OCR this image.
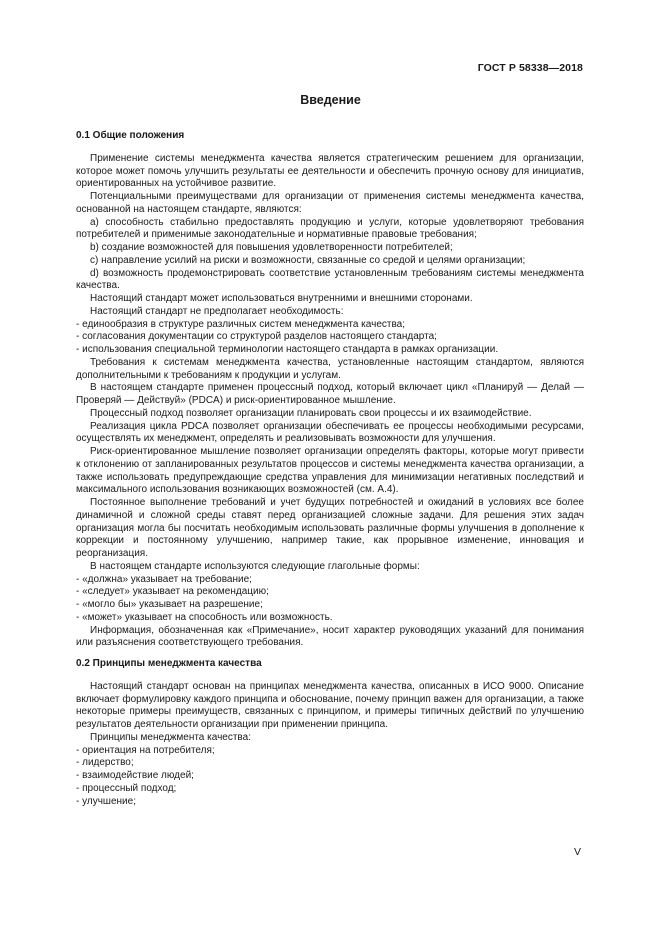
ГОСТ Р 58338—2018
Введение
0.1 Общие положения

Применение системы менеджмента качества является стратегическим решением для организации, которое может помочь улучшить результаты ее деятельности и обеспечить прочную основу для инициатив, ориентированных на устойчивое развитие.

Потенциальными преимуществами для организации от применения системы менеджмента качества, основанной на настоящем стандарте, являются:

a) способность стабильно предоставлять продукцию и услуги, которые удовлетворяют требования потребителей и применимые законодательные и нормативные правовые требования;

b) создание возможностей для повышения удовлетворенности потребителей;

c) направление усилий на риски и возможности, связанные со средой и целями организации;

d) возможность продемонстрировать соответствие установленным требованиям системы менеджмента качества.

Настоящий стандарт может использоваться внутренними и внешними сторонами.

Настоящий стандарт не предполагает необходимость:

- единообразия в структуре различных систем менеджмента качества;

- согласования документации со структурой разделов настоящего стандарта;

- использования специальной терминологии настоящего стандарта в рамках организации.

Требования к системам менеджмента качества, установленные настоящим стандартом, являются дополнительными к требованиям к продукции и услугам.

В настоящем стандарте применен процессный подход, который включает цикл «Планируй — Делай — Проверяй — Действуй» (PDCA) и риск-ориентированное мышление.

Процессный подход позволяет организации планировать свои процессы и их взаимодействие.

Реализация цикла PDCA позволяет организации обеспечивать ее процессы необходимыми ресурсами, осуществлять их менеджмент, определять и реализовывать возможности для улучшения.

Риск-ориентированное мышление позволяет организации определять факторы, которые могут привести к отклонению от запланированных результатов процессов и системы менеджмента качества организации, а также использовать предупреждающие средства управления для минимизации негативных последствий и максимального использования возникающих возможностей (см. А.4).

Постоянное выполнение требований и учет будущих потребностей и ожиданий в условиях все более динамичной и сложной среды ставят перед организацией сложные задачи. Для решения этих задач организация могла бы посчитать необходимым использовать различные формы улучшения в дополнение к коррекции и постоянному улучшению, например такие, как прорывное изменение, инновация и реорганизация.

В настоящем стандарте используются следующие глагольные формы:

- «должна» указывает на требование;

- «следует» указывает на рекомендацию;

- «могло бы» указывает на разрешение;

- «может» указывает на способность или возможность.

Информация, обозначенная как «Примечание», носит характер руководящих указаний для понимания или разъяснения соответствующего требования.

0.2 Принципы менеджмента качества

Настоящий стандарт основан на принципах менеджмента качества, описанных в ИСО 9000. Описание включает формулировку каждого принципа и обоснование, почему принцип важен для организации, а также некоторые примеры преимуществ, связанных с принципом, и примеры типичных действий по улучшению результатов деятельности организации при применении принципа.

Принципы менеджмента качества:

- ориентация на потребителя;

- лидерство;

- взаимодействие людей;

- процессный подход;

- улучшение;

V
